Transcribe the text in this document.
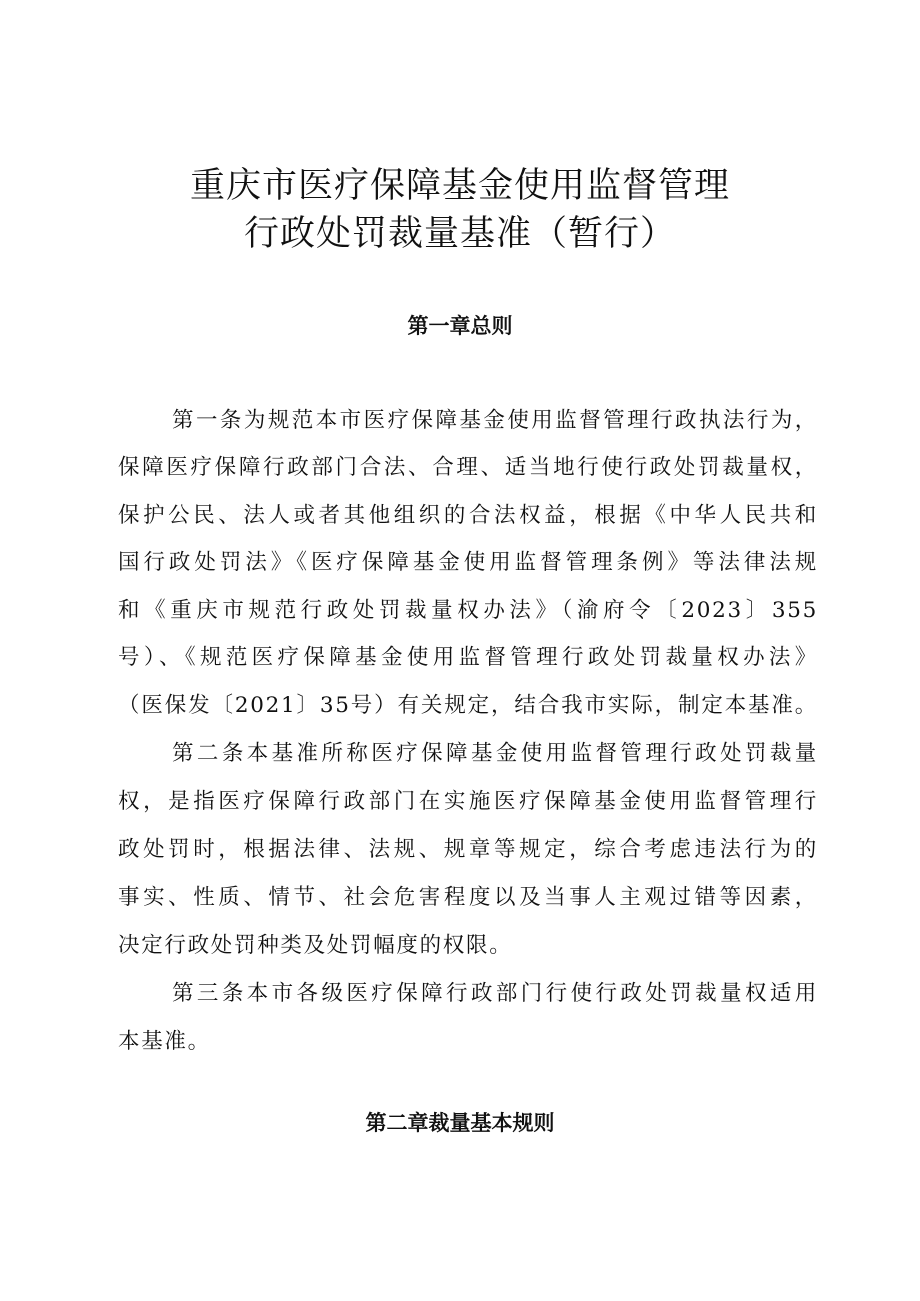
重庆市医疗保障基金使用监督管理
行政处罚裁量基准（暂行）
第一章总则
第一条为规范本市医疗保障基金使用监督管理行政执法行为，
保障医疗保障行政部门合法、合理、适当地行使行政处罚裁量权，
保护公民、法人或者其他组织的合法权益，根据《中华人民共和
国行政处罚法》《医疗保障基金使用监督管理条例》等法律法规
和《重庆市规范行政处罚裁量权办法》（渝府令〔2023〕355
号）、《规范医疗保障基金使用监督管理行政处罚裁量权办法》
（医保发〔2021〕35号）有关规定，结合我市实际，制定本基准。
第二条本基准所称医疗保障基金使用监督管理行政处罚裁量
权，是指医疗保障行政部门在实施医疗保障基金使用监督管理行
政处罚时，根据法律、法规、规章等规定，综合考虑违法行为的
事实、性质、情节、社会危害程度以及当事人主观过错等因素，
决定行政处罚种类及处罚幅度的权限。
第三条本市各级医疗保障行政部门行使行政处罚裁量权适用
本基准。
第二章裁量基本规则
